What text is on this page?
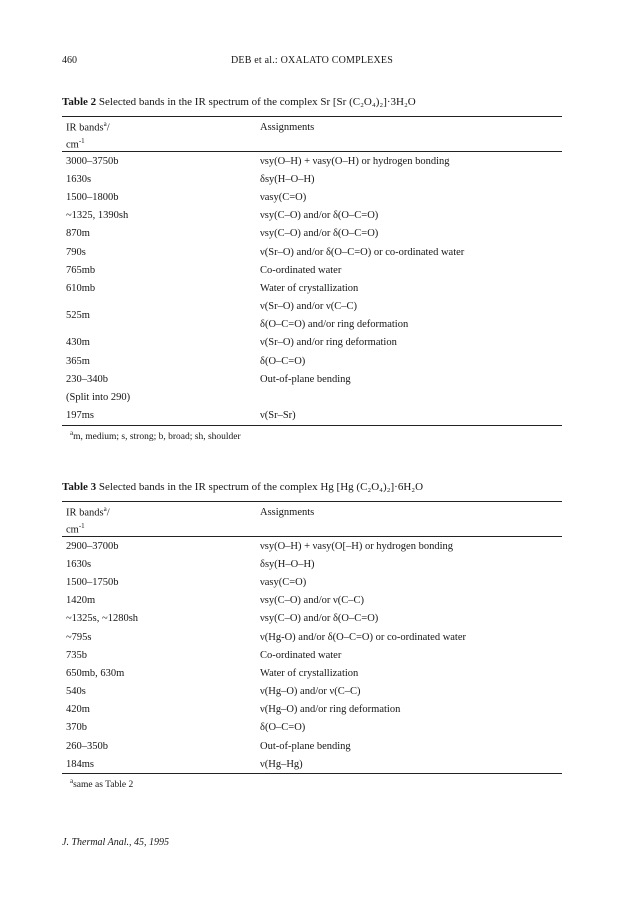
460	DEB et al.: OXALATO COMPLEXES
Table 2 Selected bands in the IR spectrum of the complex Sr [Sr (C₂O₄)₂]·3H₂O
IR bands$^a$/	Assignments
$cm^{-1}$	
3000–3750b	νsy(O–H) + νasy(O–H) or hydrogen bonding
1630s	δsy(H–O–H)
1500–1800b	νasy(C=O)
~1325, 1390sh	νsy(C–O) and/or δ(O–C=O)
870m	νsy(C–O) and/or δ(O–C=O)
790s	ν(Sr–O) and/or δ(O–C=O) or co-ordinated water
765mb	Co-ordinated water
610mb	Water of crystallization
525m	ν(Sr–O) and/or ν(C–C)
	δ(O–C=O) and/or ring deformation
430m	ν(Sr–O) and/or ring deformation
365m	δ(O–C=O)
230–340b	Out-of-plane bending
(Split into 290)	
197ms	ν(Sr–Sr)
$^a$m, medium; s, strong; b, broad; sh, shoulder
Table 3 Selected bands in the IR spectrum of the complex Hg [Hg (C₂O₄)₂]·6H₂O
IR bands$^a$/	Assignments
$cm^{-1}$	
2900–3700b	νsy(O–H) + νasy(O[–H) or hydrogen bonding
1630s	δsy(H–O–H)
1500–1750b	νasy(C=O)
1420m	νsy(C–O) and/or ν(C–C)
~1325s, ~1280sh	νsy(C–O) and/or δ(O–C=O)
~795s	ν(Hg-O) and/or δ(O–C=O) or co-ordinated water
735b	Co-ordinated water
650mb, 630m	Water of crystallization
540s	ν(Hg–O) and/or ν(C–C)
420m	ν(Hg–O) and/or ring deformation
370b	δ(O–C=O)
260–350b	Out-of-plane bending
184ms	ν(Hg–Hg)
$^a$same as Table 2
J. Thermal Anal., 45, 1995
